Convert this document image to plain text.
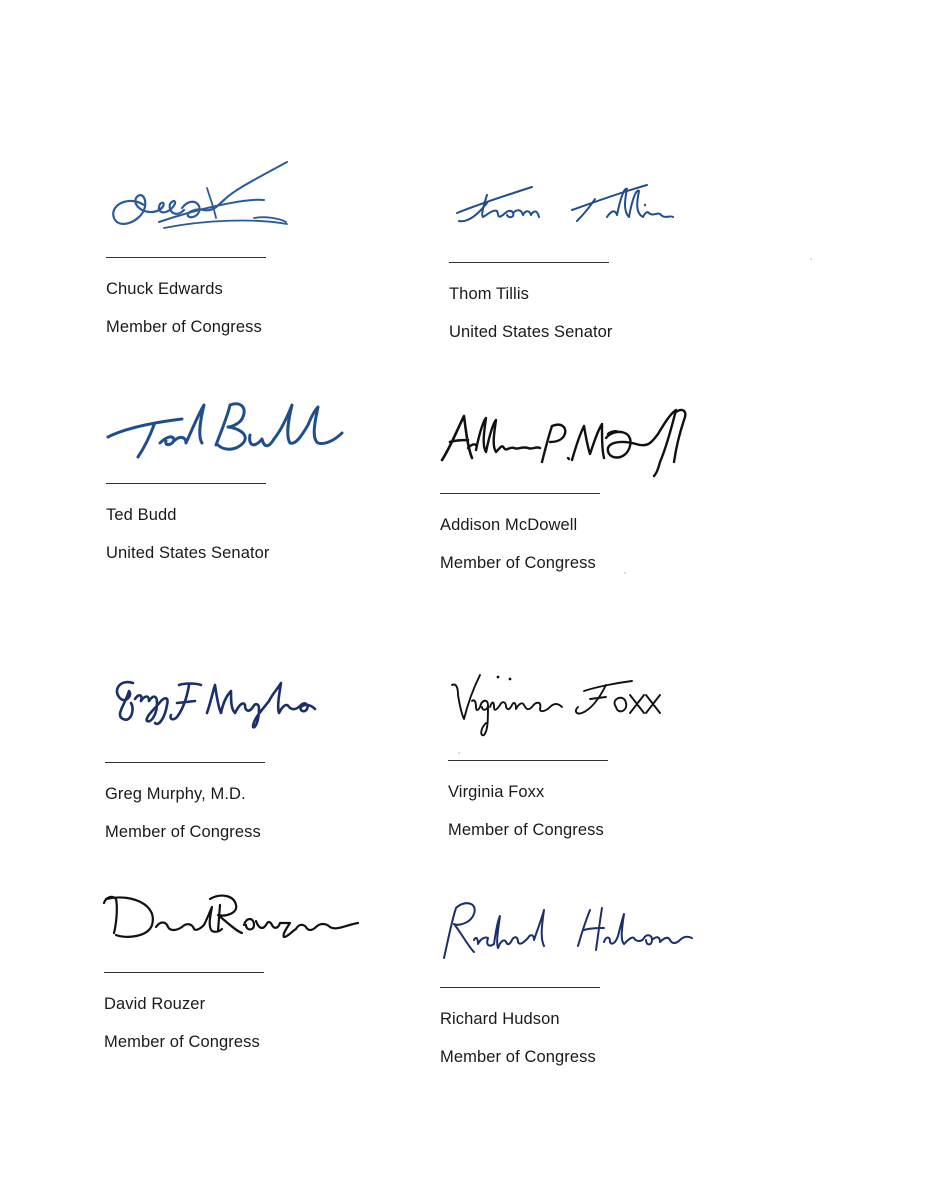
Chuck Edwards
Member of Congress
Thom Tillis
United States Senator
Ted Budd
United States Senator
Addison McDowell
Member of Congress
Greg Murphy, M.D.
Member of Congress
Virginia Foxx
Member of Congress
David Rouzer
Member of Congress
Richard Hudson
Member of Congress
